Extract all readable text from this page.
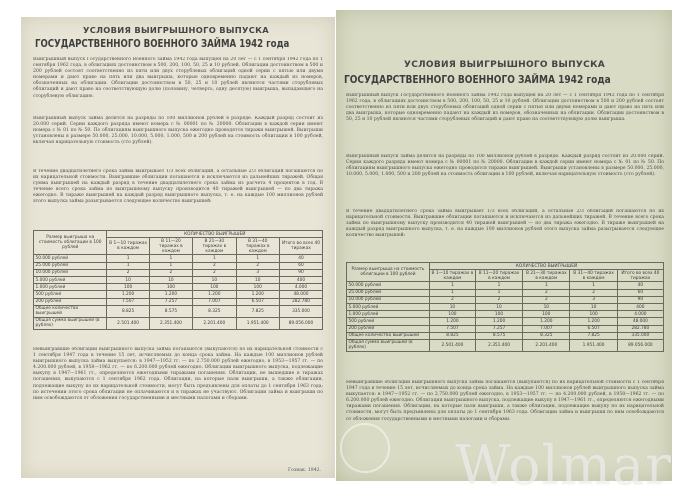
УСЛОВИЯ ВЫИГРЫШНОГО ВЫПУСКА
ГОСУДАРСТВЕННОГО ВОЕННОГО ЗАЙМА 1942 года
Выигрышный выпуск Государственного Военного займа 1942 года выпущен на 20 лет — с 1 сентября 1942 года по 1 сентября 1962 года, в облигациях достоинством в 500, 200, 100, 50, 25 и 10 рублей. Облигации достоинством в 500 и 200 рублей состоят соответственно из пяти или двух сторублевых облигаций одной серии с пятью или двумя номерами и дают право на пять или два выигрыша, которые одновременно падают на каждый из номеров, обозначенных на облигации. Облигации достоинством в 50, 25 и 10 рублей являются частями сторублевых облигаций и дают право на соответствующую долю (половину, четверть, одну десятую) выигрыша, выпадающего на сторублевую облигацию.
Выигрышный выпуск займа делится на разряды по 100 миллионов рублей в разряде. Каждый разряд состоит из 20.000 серий. Серии каждого разряда имеют номера с № 00001 по № 20000. Облигации в каждой серии имеют номера с № 01 по № 50. По облигациям выигрышного выпуска ежегодно проводятся тиражи выигрышей. Выигрыши установлены в размере 50.000, 25.000, 10.000, 5.000, 1.000, 500 и 200 рублей на стоимость облигации в 100 рублей, включая нарицательную стоимость (сто рублей).
В течение двадцатилетнего срока займа выигрывает 1/3 всех облигаций, а остальные 2/3 облигаций погашаются по их нарицательной стоимости. Выигравшие облигации погашаются и исключаются из дальнейших тиражей. Общая сумма выигрышей на каждый разряд в течение двадцатилетнего срока займа из расчета 4 процентов в год. В течение всего срока займа по выигрышному выпуску производится 40 тиражей выигрышей — по два тиража ежегодно. В тираже выигрышей на каждый разряд выигрышного выпуска, т. е. на каждые 100 миллионов рублей этого выпуска займа разыгрывается следующее количество выигрышей:
Размер выигрыша на стоимость облигации в 100 рублей	КОЛИЧЕСТВО ВЫИГРЫШЕЙ				
	В 1—10 тиражах в каждом	В 11—20 тиражах в каждом	В 21—30 тиражах в каждом	В 31—40 тиражах в каждом	Итого во всех 40 тиражах
50.000 рублей	1	1	1	1	40
25.000 рублей	1	1	2	2	60
10.000 рублей	2	2	2	3	90
5.000 рублей	10	10	10	10	400
1.000 рублей	100	100	100	100	4.000
500 рублей	1.200	1.200	1.200	1.200	48.000
200 рублей	7.507	7.257	7.007	6.507	282.780
Общее количество выигрышей	8.825	8.575	8.325	7.825	335.000
Общая сумма выигрышей (в рублях)	2.501.400	2.351.400	2.201.400	1.951.400	89.056.000
Невыигравшие облигации выигрышного выпуска займа погашаются (выкупаются) по их нарицательной стоимости с 1 сентября 1947 года в течение 15 лет, исчисляемых до конца срока займа. На каждые 100 миллионов рублей выигрышного выпуска займа выкупается: в 1947—1952 гг. — по 2.750.000 рублей ежегодно, в 1953—1957 гг. — по 4.200.000 рублей, в 1958—1962 гг. — по 6.200.000 рублей ежегодно. Облигации выигрышного выпуска, подлежащие выкупу в 1947—1961 гг., определяются ежегодными тиражами погашения. Облигации, не вышедшие в тиражах погашения, выкупаются с 1 сентября 1962 года. Облигации, на которые пали выигрыши, а также облигации, подлежащие выкупу по их нарицательной стоимости, могут быть предъявлены для оплаты до 1 сентября 1963 года; по истечении этого срока облигации не оплачиваются и в тиражах не участвуют. Облигации займа и выигрыши по ним освобождаются от обложения государственными и местными налогами и сборами.
Гознак. 1942.
УСЛОВИЯ ВЫИГРЫШНОГО ВЫПУСКА
ГОСУДАРСТВЕННОГО ВОЕННОГО ЗАЙМА 1942 года
Выигрышный выпуск Государственного Военного займа 1942 года выпущен на 20 лет — с 1 сентября 1942 года по 1 сентября 1962 года, в облигациях достоинством в 500, 200, 100, 50, 25 и 10 рублей. Облигации достоинством в 500 и 200 рублей состоят соответственно из пяти или двух сторублевых облигаций одной серии с пятью или двумя номерами и дают право на пять или два выигрыша, которые одновременно падают на каждый из номеров, обозначенных на облигации. Облигации достоинством в 50, 25 и 10 рублей являются частями сторублевых облигаций и дают право на соответствующую долю выигрыша.
Выигрышный выпуск займа делится на разряды по 100 миллионов рублей в разряде. Каждый разряд состоит из 20.000 серий. Серии каждого разряда имеют номера с № 00001 по № 20000. Облигации в каждой серии имеют номера с № 01 по № 50. По облигациям выигрышного выпуска ежегодно проводятся тиражи выигрышей. Выигрыши установлены в размере 50.000, 25.000, 10.000, 5.000, 1.000, 500 и 200 рублей на стоимость облигации в 100 рублей, включая нарицательную стоимость (сто рублей).
В течение двадцатилетнего срока займа выигрывает 1/3 всех облигаций, а остальные 2/3 облигаций погашаются по их нарицательной стоимости. Выигравшие облигации погашаются и исключаются из дальнейших тиражей. В течение всего срока займа по выигрышному выпуску производится 40 тиражей выигрышей — по два тиража ежегодно. В тираже выигрышей на каждый разряд выигрышного выпуска, т. е. на каждые 100 миллионов рублей этого выпуска займа разыгрывается следующее количество выигрышей:
Размер выигрыша на стоимость облигации в 100 рублей	КОЛИЧЕСТВО ВЫИГРЫШЕЙ				
	В 1—10 тиражах в каждом	В 11—20 тиражах в каждом	В 21—30 тиражах в каждом	В 31—40 тиражах в каждом	Итого во всех 40 тиражах
50.000 рублей	1	1	1	1	40
25.000 рублей	1	1	2	2	60
10.000 рублей	2	2	2	3	90
5.000 рублей	10	10	10	10	400
1.000 рублей	100	100	100	100	4.000
500 рублей	1.200	1.200	1.200	1.200	48.000
200 рублей	7.507	7.257	7.007	6.507	282.780
Общее количество выигрышей	8.825	8.575	8.325	7.825	335.000
Общая сумма выигрышей (в рублях)	2.501.400	2.351.400	2.201.400	1.951.400	89.056.000
Невыигравшие облигации выигрышного выпуска займа погашаются (выкупаются) по их нарицательной стоимости с 1 сентября 1947 года в течение 15 лет, исчисляемых до конца срока займа. На каждые 100 миллионов рублей выигрышного выпуска займа выкупается: в 1947—1952 гг. — по 2.750.000 рублей ежегодно, в 1953—1957 гг. — по 4.200.000 рублей, в 1958—1962 гг. — по 6.200.000 рублей ежегодно. Облигации выигрышного выпуска, подлежащие выкупу в 1947—1961 гг., определяются ежегодными тиражами погашения. Облигации, на которые пали выигрыши, а также облигации, подлежащие выкупу по их нарицательной стоимости, могут быть предъявлены для оплаты до 1 сентября 1963 года. Облигации займа и выигрыши по ним освобождаются от обложения государственными и местными налогами и сборами.
Wolmar
